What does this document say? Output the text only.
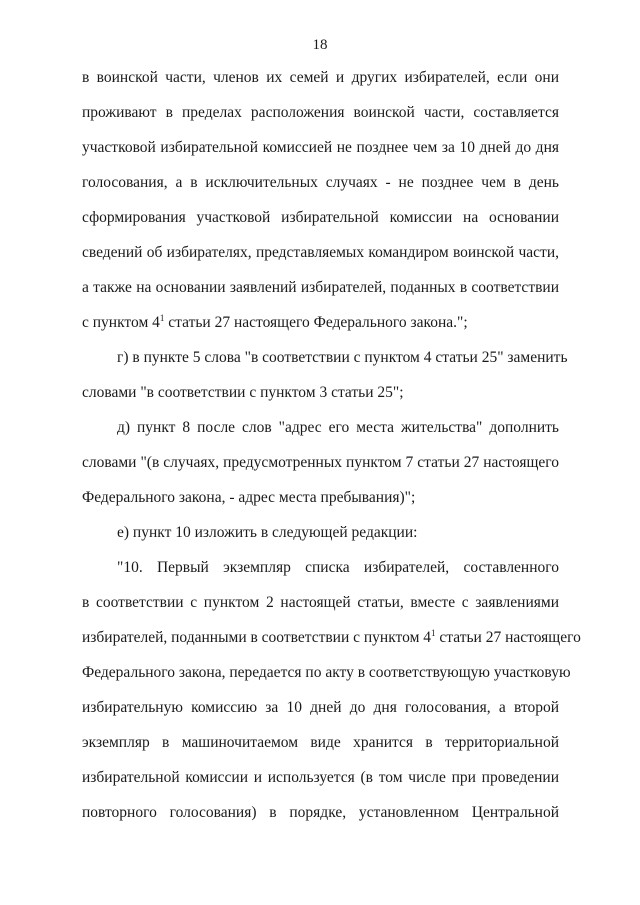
18
в воинской части, членов их семей и других избирателей, если они
проживают в пределах расположения воинской части, составляется
участковой избирательной комиссией не позднее чем за 10 дней до дня
голосования, а в исключительных случаях - не позднее чем в день
сформирования участковой избирательной комиссии на основании
сведений об избирателях, представляемых командиром воинской части,
а также на основании заявлений избирателей, поданных в соответствии
с пунктом $4^1$ статьи 27 настоящего Федерального закона.";
г) в пункте 5 слова "в соответствии с пунктом 4 статьи 25" заменить
словами "в соответствии с пунктом 3 статьи 25";
д) пункт 8 после слов "адрес его места жительства" дополнить
словами "(в случаях, предусмотренных пунктом 7 статьи 27 настоящего
Федерального закона, - адрес места пребывания)";
е) пункт 10 изложить в следующей редакции:
"10. Первый экземпляр списка избирателей, составленного
в соответствии с пунктом 2 настоящей статьи, вместе с заявлениями
избирателей, поданными в соответствии с пунктом $4^1$ статьи 27 настоящего
Федерального закона, передается по акту в соответствующую участковую
избирательную комиссию за 10 дней до дня голосования, а второй
экземпляр в машиночитаемом виде хранится в территориальной
избирательной комиссии и используется (в том числе при проведении
повторного голосования) в порядке, установленном Центральной
